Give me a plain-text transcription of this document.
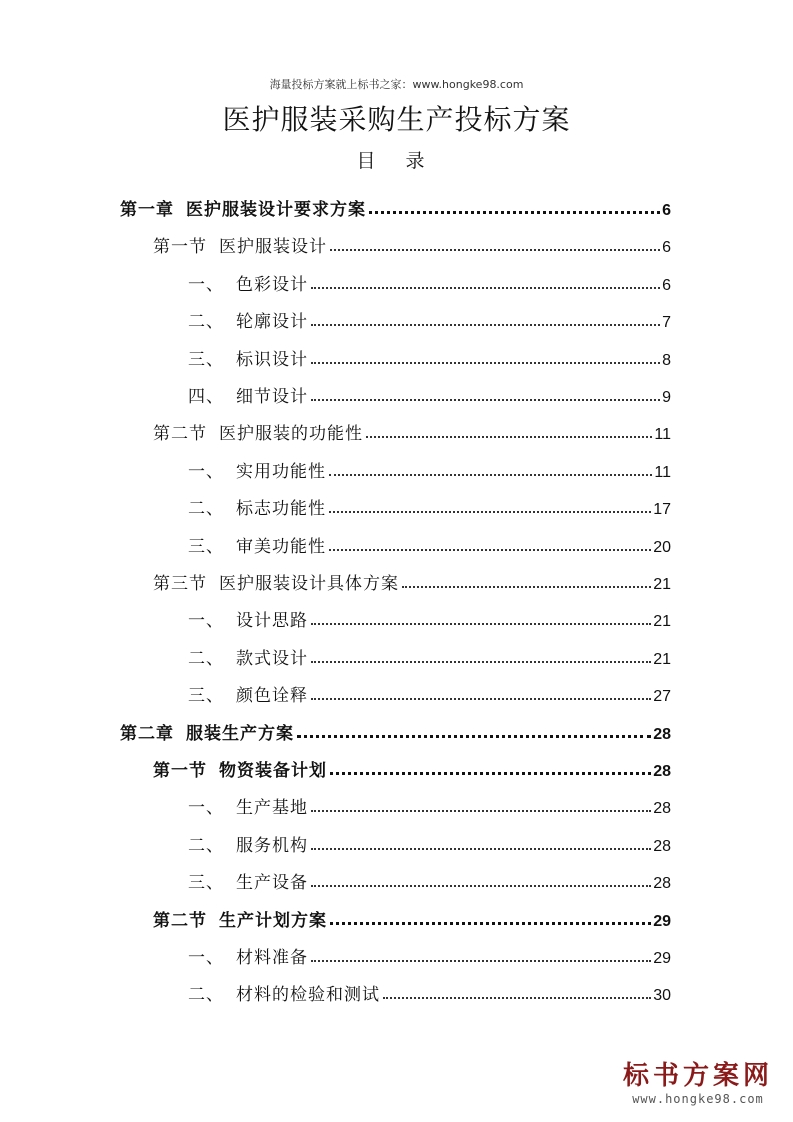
海量投标方案就上标书之家：www.hongke98.com
医护服装采购生产投标方案
目 录
第一章 医护服装设计要求方案	6
第一节 医护服装设计	6
一、 色彩设计	6
二、 轮廓设计	7
三、 标识设计	8
四、 细节设计	9
第二节 医护服装的功能性	11
一、 实用功能性	11
二、 标志功能性	17
三、 审美功能性	20
第三节 医护服装设计具体方案	21
一、 设计思路	21
二、 款式设计	21
三、 颜色诠释	27
第二章 服装生产方案	28
第一节 物资装备计划	28
一、 生产基地	28
二、 服务机构	28
三、 生产设备	28
第二节 生产计划方案	29
一、 材料准备	29
二、 材料的检验和测试	30
标书方案网
www.hongke98.com
